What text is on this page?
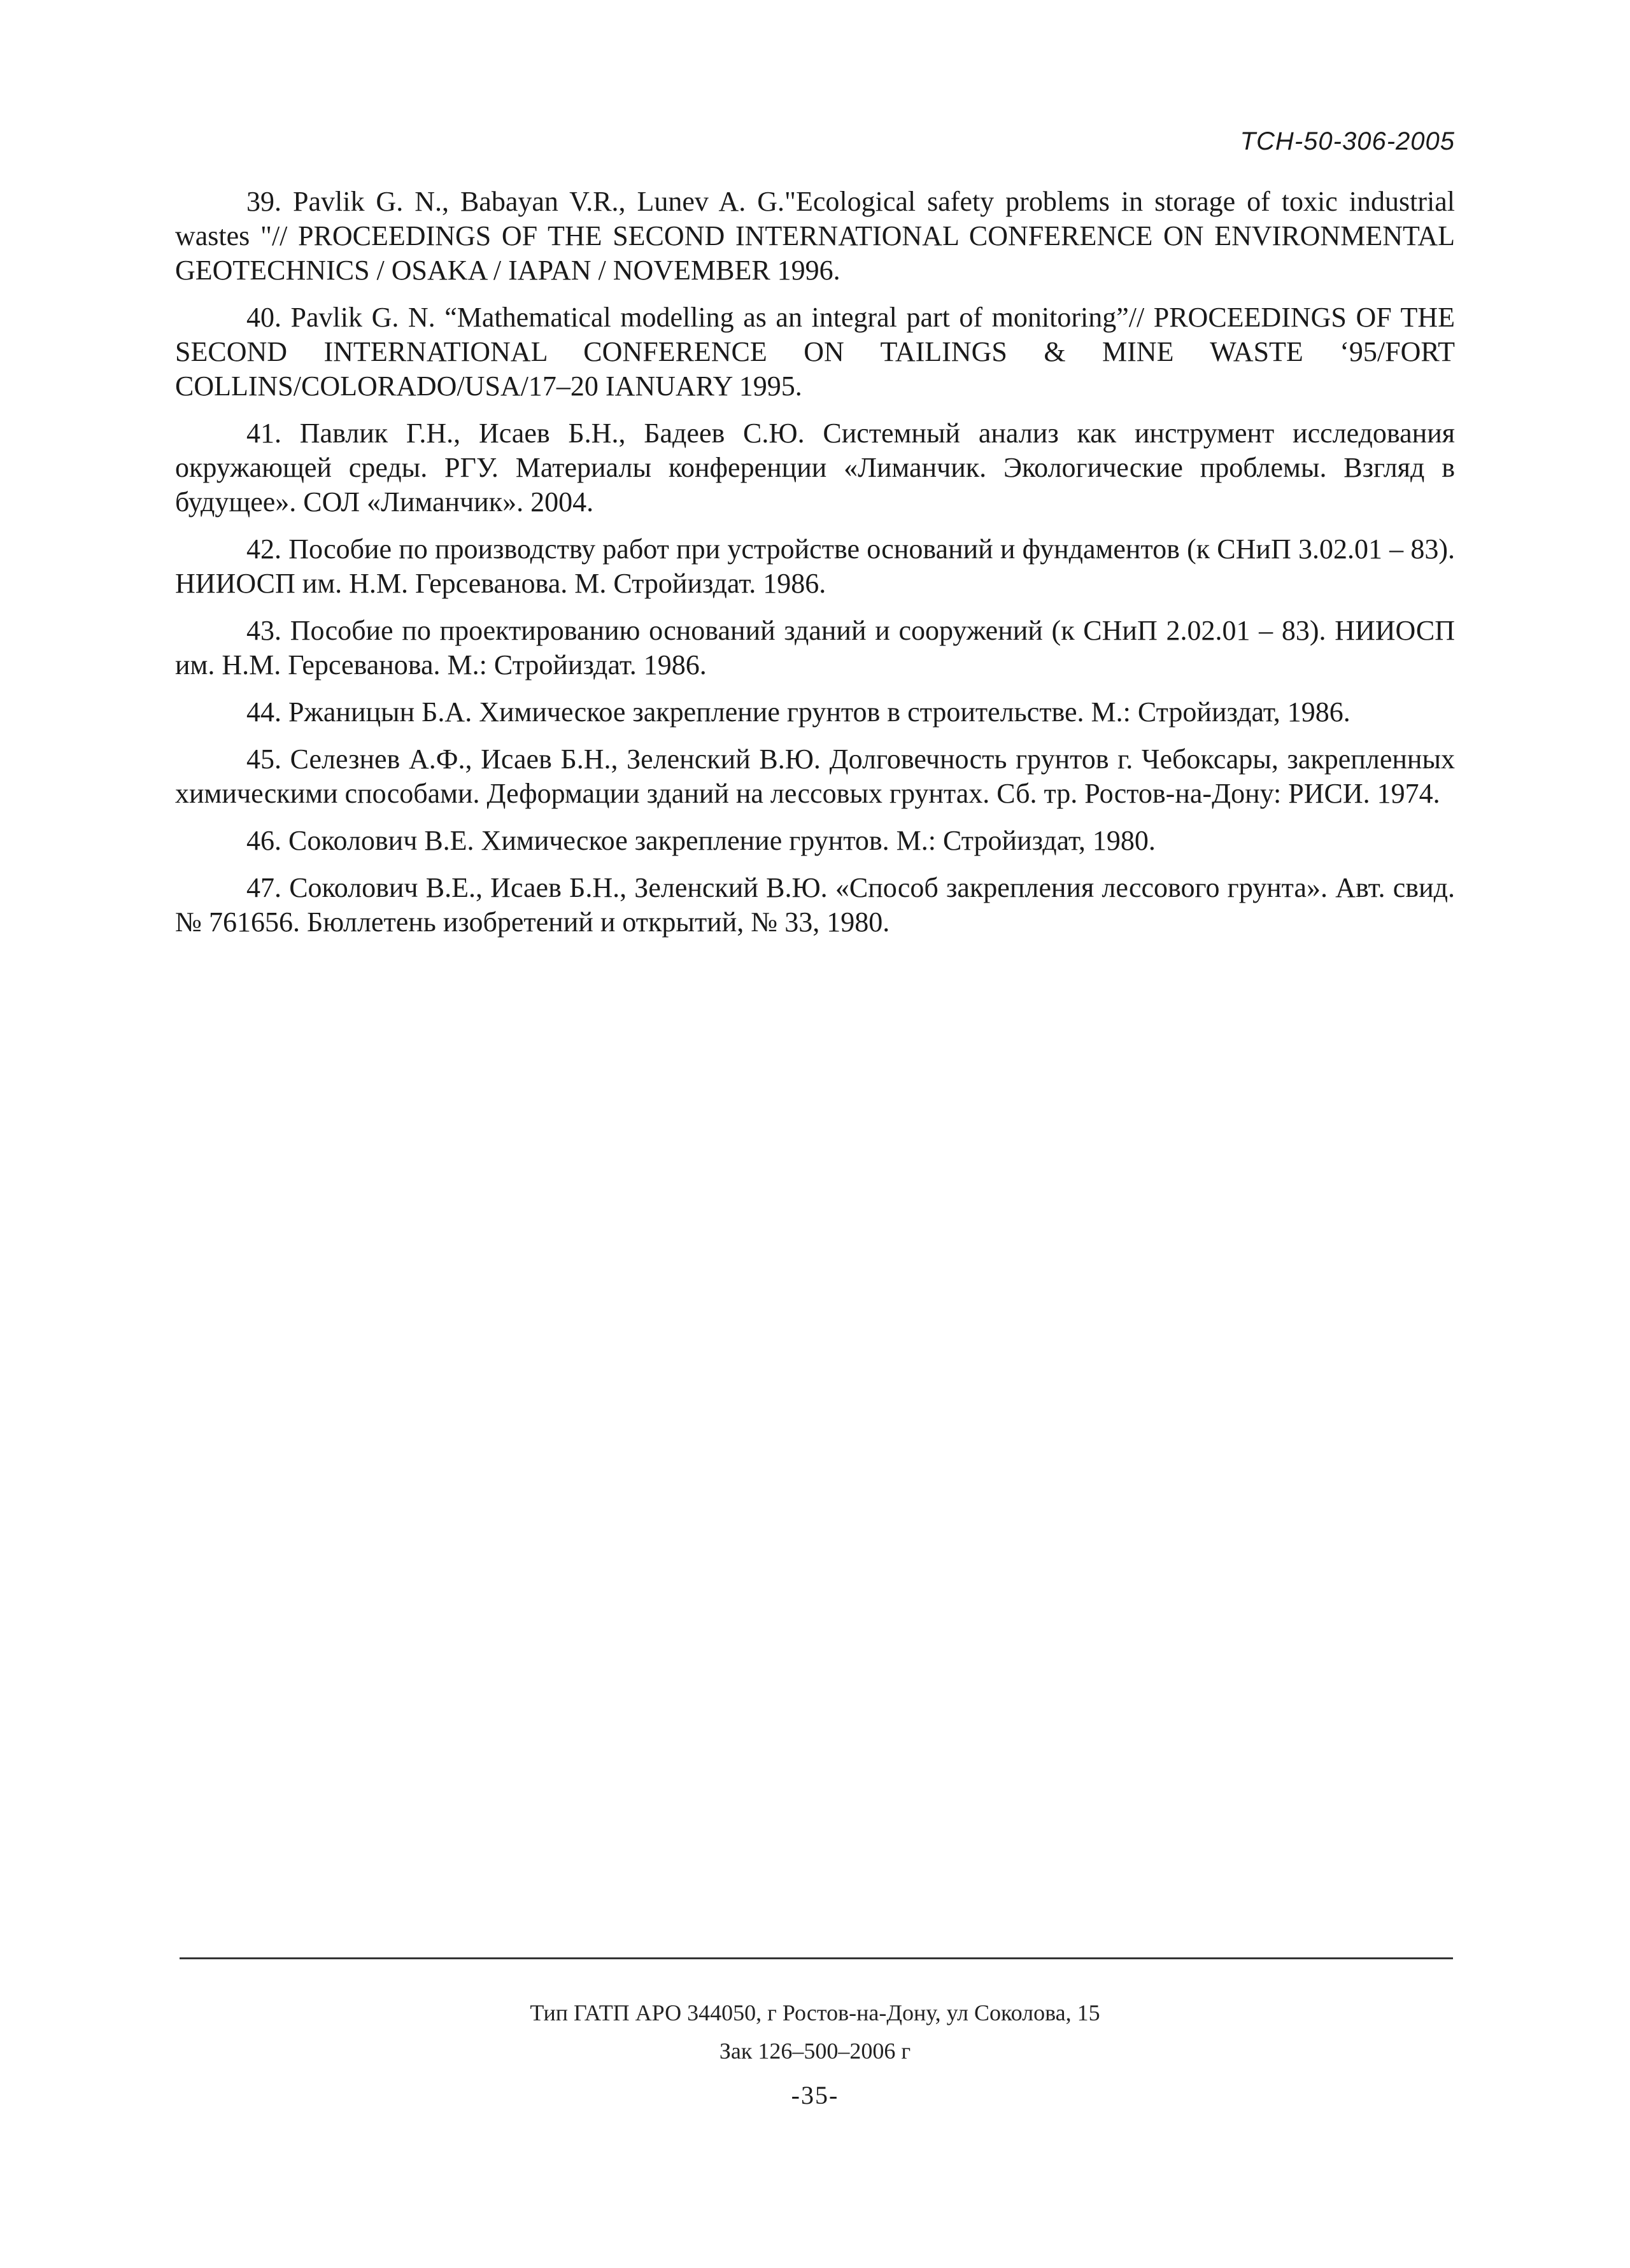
ТСН-50-306-2005
39. Pavlik G. N., Babayan V.R., Lunev A. G."Ecological safety problems in storage of toxic industrial wastes "// PROCEEDINGS OF THE SECOND INTERNATIONAL CONFERENCE ON ENVIRONMENTAL GEOTECHNICS / OSAKA / IAPAN / NOVEMBER 1996.
40. Pavlik G. N. “Mathematical modelling as an integral part of monitoring”// PROCEEDINGS OF THE SECOND INTERNATIONAL CONFERENCE ON TAILINGS & MINE WASTE ‘95/FORT COLLINS/COLORADO/USA/17–20 IANUARY 1995.
41. Павлик Г.Н., Исаев Б.Н., Бадеев С.Ю. Системный анализ как инструмент исследования окружающей среды. РГУ. Материалы конференции «Лиманчик. Экологические проблемы. Взгляд в будущее». СОЛ «Лиманчик». 2004.
42. Пособие по производству работ при устройстве оснований и фундаментов (к СНиП 3.02.01 – 83). НИИОСП им. Н.М. Герсеванова. М. Стройиздат. 1986.
43. Пособие по проектированию оснований зданий и сооружений (к СНиП 2.02.01 – 83). НИИОСП им. Н.М. Герсеванова. М.: Стройиздат. 1986.
44. Ржаницын Б.А. Химическое закрепление грунтов в строительстве. М.: Стройиздат, 1986.
45. Селезнев А.Ф., Исаев Б.Н., Зеленский В.Ю. Долговечность грунтов г. Чебоксары, закрепленных химическими способами. Деформации зданий на лессовых грунтах. Сб. тр. Ростов-на-Дону: РИСИ. 1974.
46. Соколович В.Е. Химическое закрепление грунтов. М.: Стройиздат, 1980.
47. Соколович В.Е., Исаев Б.Н., Зеленский В.Ю. «Способ закрепления лессового грунта». Авт. свид. № 761656. Бюллетень изобретений и открытий, № 33, 1980.
Тип ГАТП АРО 344050, г Ростов-на-Дону, ул Соколова, 15
Зак 126–500–2006 г
-35-
